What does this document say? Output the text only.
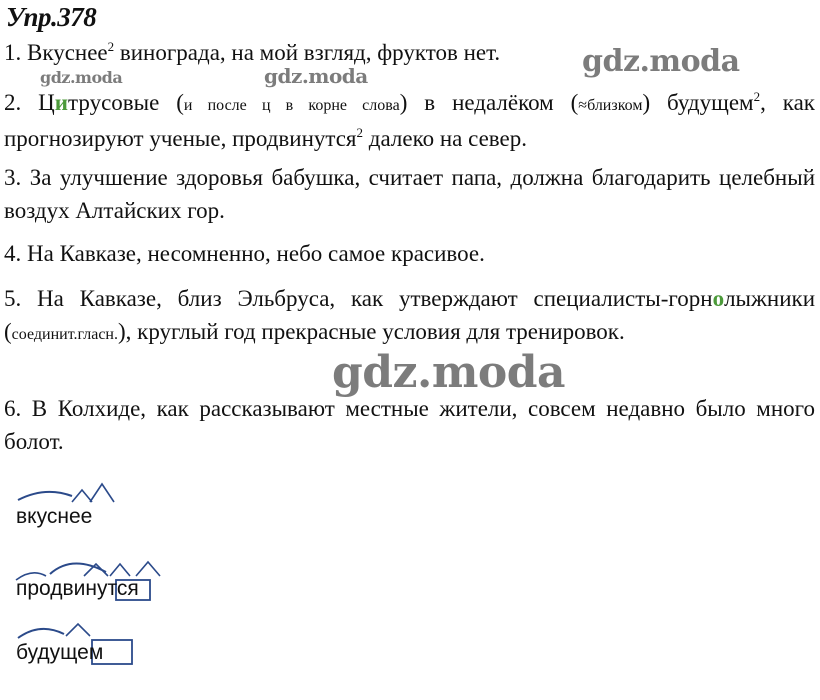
Упр.378

1. Вкуснее$^2$ винограда, на мой взгляд, фруктов нет.

2. Цитрусовые (и после ц в корне слова) в недалёком (≈близком) будущем$^2$, как прогнозируют ученые, продвинутся$^2$ далеко на север.

3. За улучшение здоровья бабушка, считает папа, должна благодарить целебный воздух Алтайских гор.

4. На Кавказе, несомненно, небо самое красивое.

5. На Кавказе, близ Эльбруса, как утверждают специалисты-горнолыжники (соединит.гласн.), круглый год прекрасные условия для тренировок.

6. В Колхиде, как рассказывают местные жители, совсем недавно было много болот.

gdz.moda
gdz.moda	gdz.moda
gdz.moda
вкуснее
продвинутся
будущем
